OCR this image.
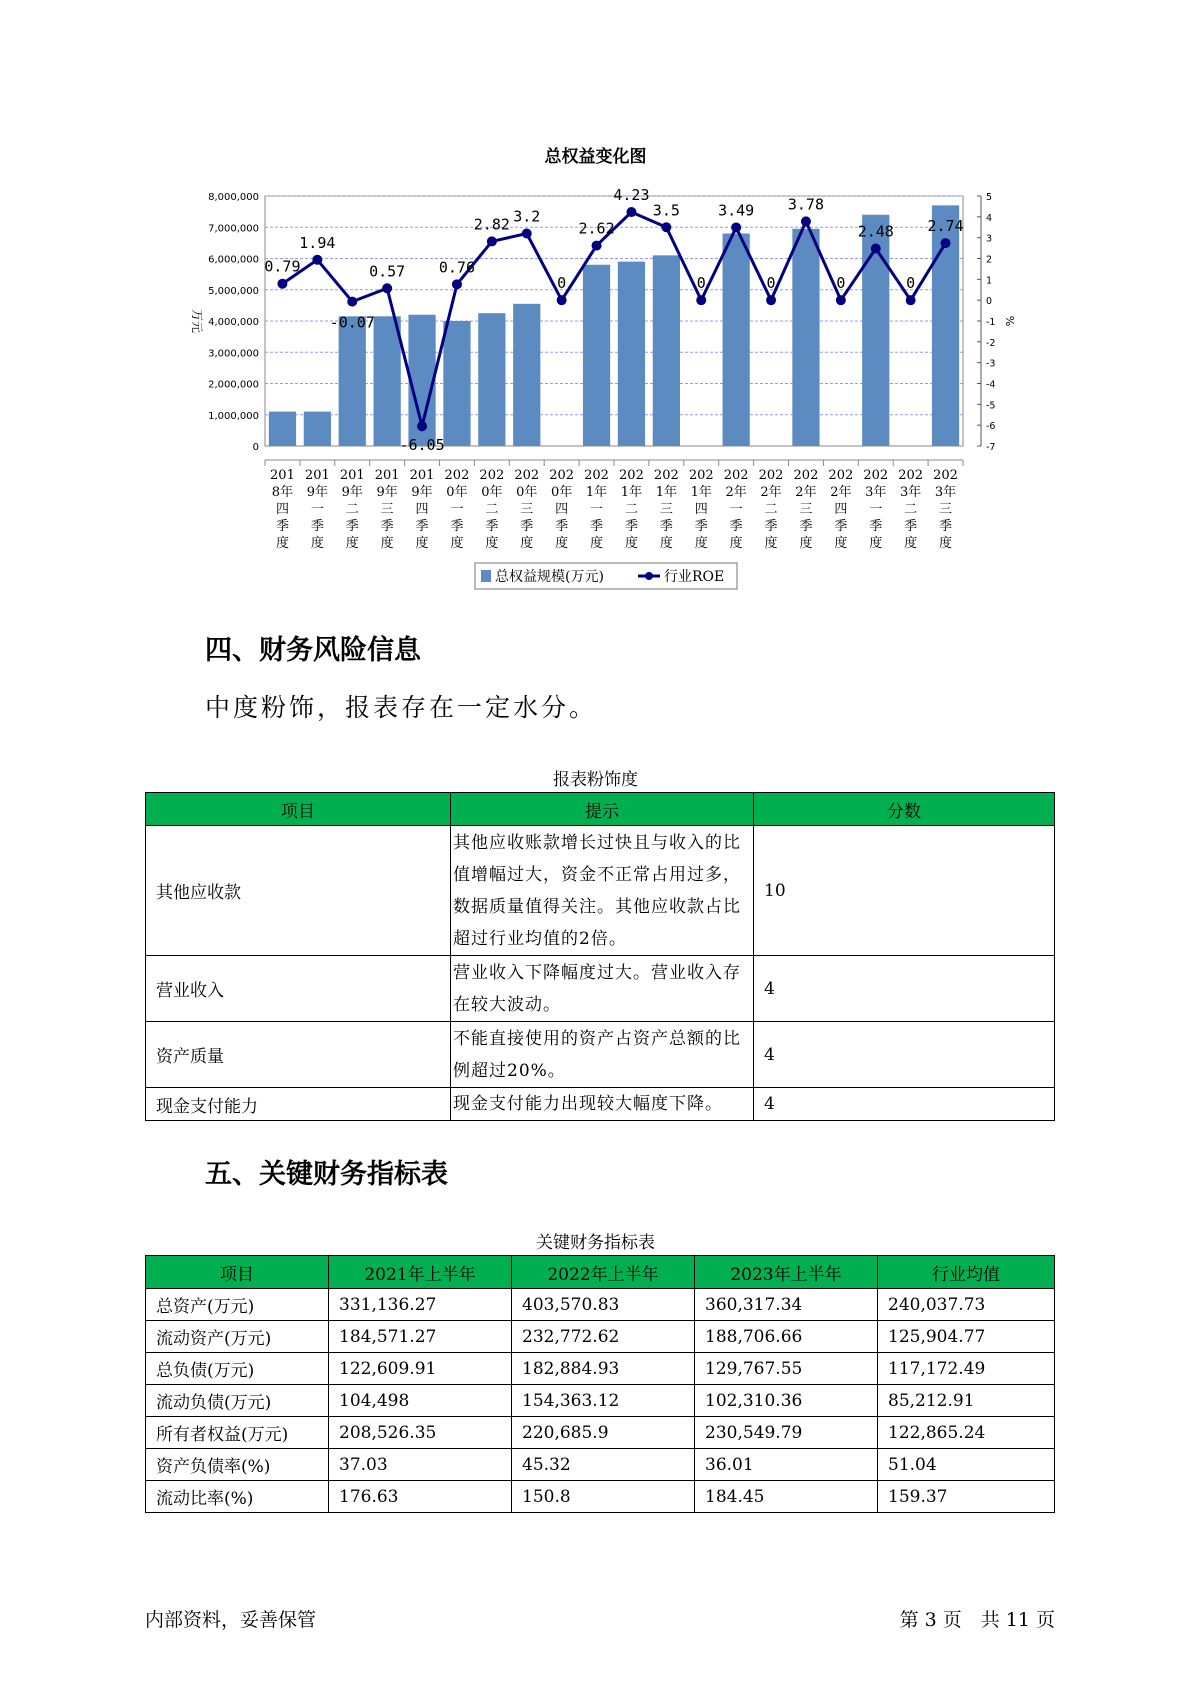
总权益变化图
0
1,000,000
2,000,000
3,000,000
4,000,000
5,000,000
6,000,000
7,000,000
8,000,000
-7
-6
-5
-4
-3
-2
-1
0
1
2
3
4
5
万元	%
0.79
1.94
-0.07
0.57
-6.05
0.76
2.82 3.2
0
2.62
4.23
3.5
0
3.49
0
3.78
0
2.48
0
2.74
201
8年
四
季
度
201
9年
一
季
度
201
9年
二
季
度
201
9年
三
季
度
201
9年
四
季
度
202
0年
一
季
度
202
0年
二
季
度
202
0年
三
季
度
202
0年
四
季
度
202
1年
一
季
度
202
1年
二
季
度
202
1年
三
季
度
202
1年
四
季
度
202
2年
一
季
度
202
2年
二
季
度
202
2年
三
季
度
202
2年
四
季
度
202
3年
一
季
度
202
3年
二
季
度
202
3年
三
季
度
总权益规模(万元)	行业ROE
四、财务风险信息
中度粉饰，报表存在一定水分。
报表粉饰度
项目	提示	分数
其他应收款	其他应收账款增长过快且与收入的比值增幅过大，资金不正常占用过多，数据质量值得关注。其他应收款占比超过行业均值的2倍。	10
营业收入	营业收入下降幅度过大。营业收入存在较大波动。	4
资产质量	不能直接使用的资产占资产总额的比例超过20%。	4
现金支付能力	现金支付能力出现较大幅度下降。	4
五、关键财务指标表
关键财务指标表
项目	2021年上半年	2022年上半年	2023年上半年	行业均值
总资产(万元)	331,136.27	403,570.83	360,317.34	240,037.73
流动资产(万元)	184,571.27	232,772.62	188,706.66	125,904.77
总负债(万元)	122,609.91	182,884.93	129,767.55	117,172.49
流动负债(万元)	104,498	154,363.12	102,310.36	85,212.91
所有者权益(万元)	208,526.35	220,685.9	230,549.79	122,865.24
资产负债率(%)	37.03	45.32	36.01	51.04
流动比率(%)	176.63	150.8	184.45	159.37
内部资料，妥善保管	第 3 页　共 11 页
